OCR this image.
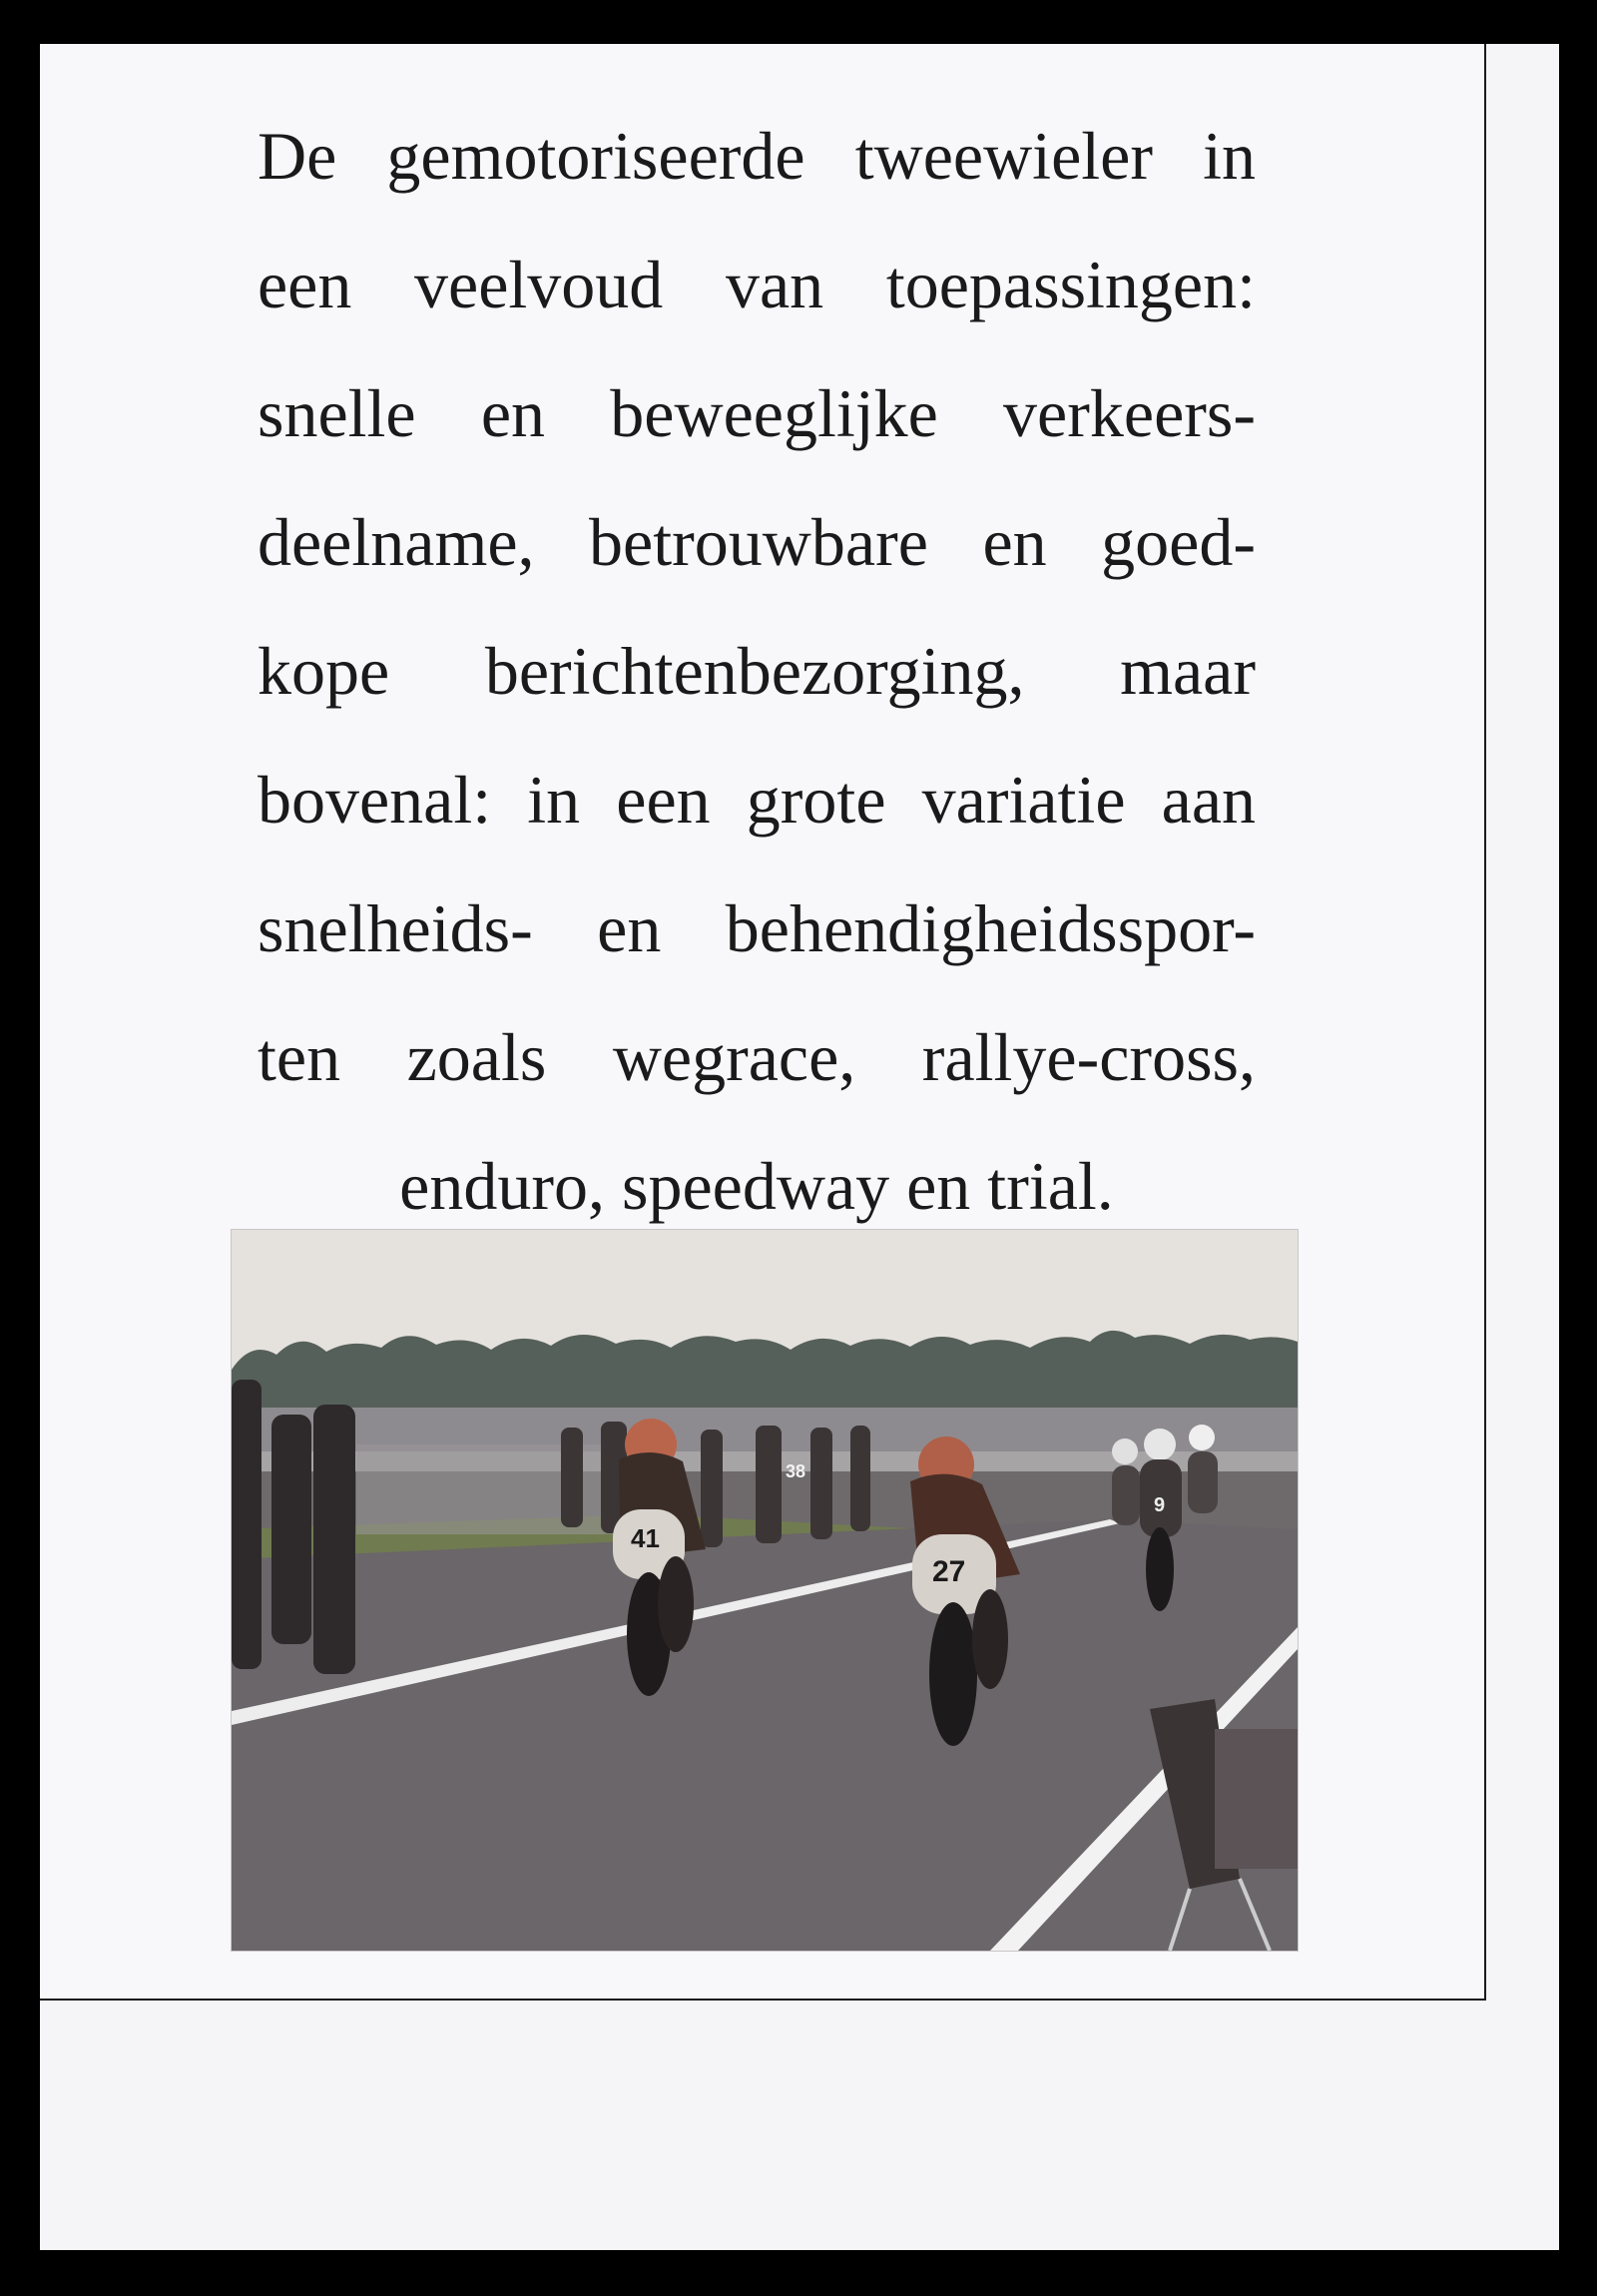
De gemotoriseerde tweewieler in
een veelvoud van toepassingen:
snelle en beweeglijke verkeers-
deelname, betrouwbare en goed-
kope berichtenbezorging, maar
bovenal: in een grote variatie aan
snelheids- en behendigheidsspor-
ten zoals wegrace, rallye-cross,
enduro, speedway en trial.
41
27
9
38
